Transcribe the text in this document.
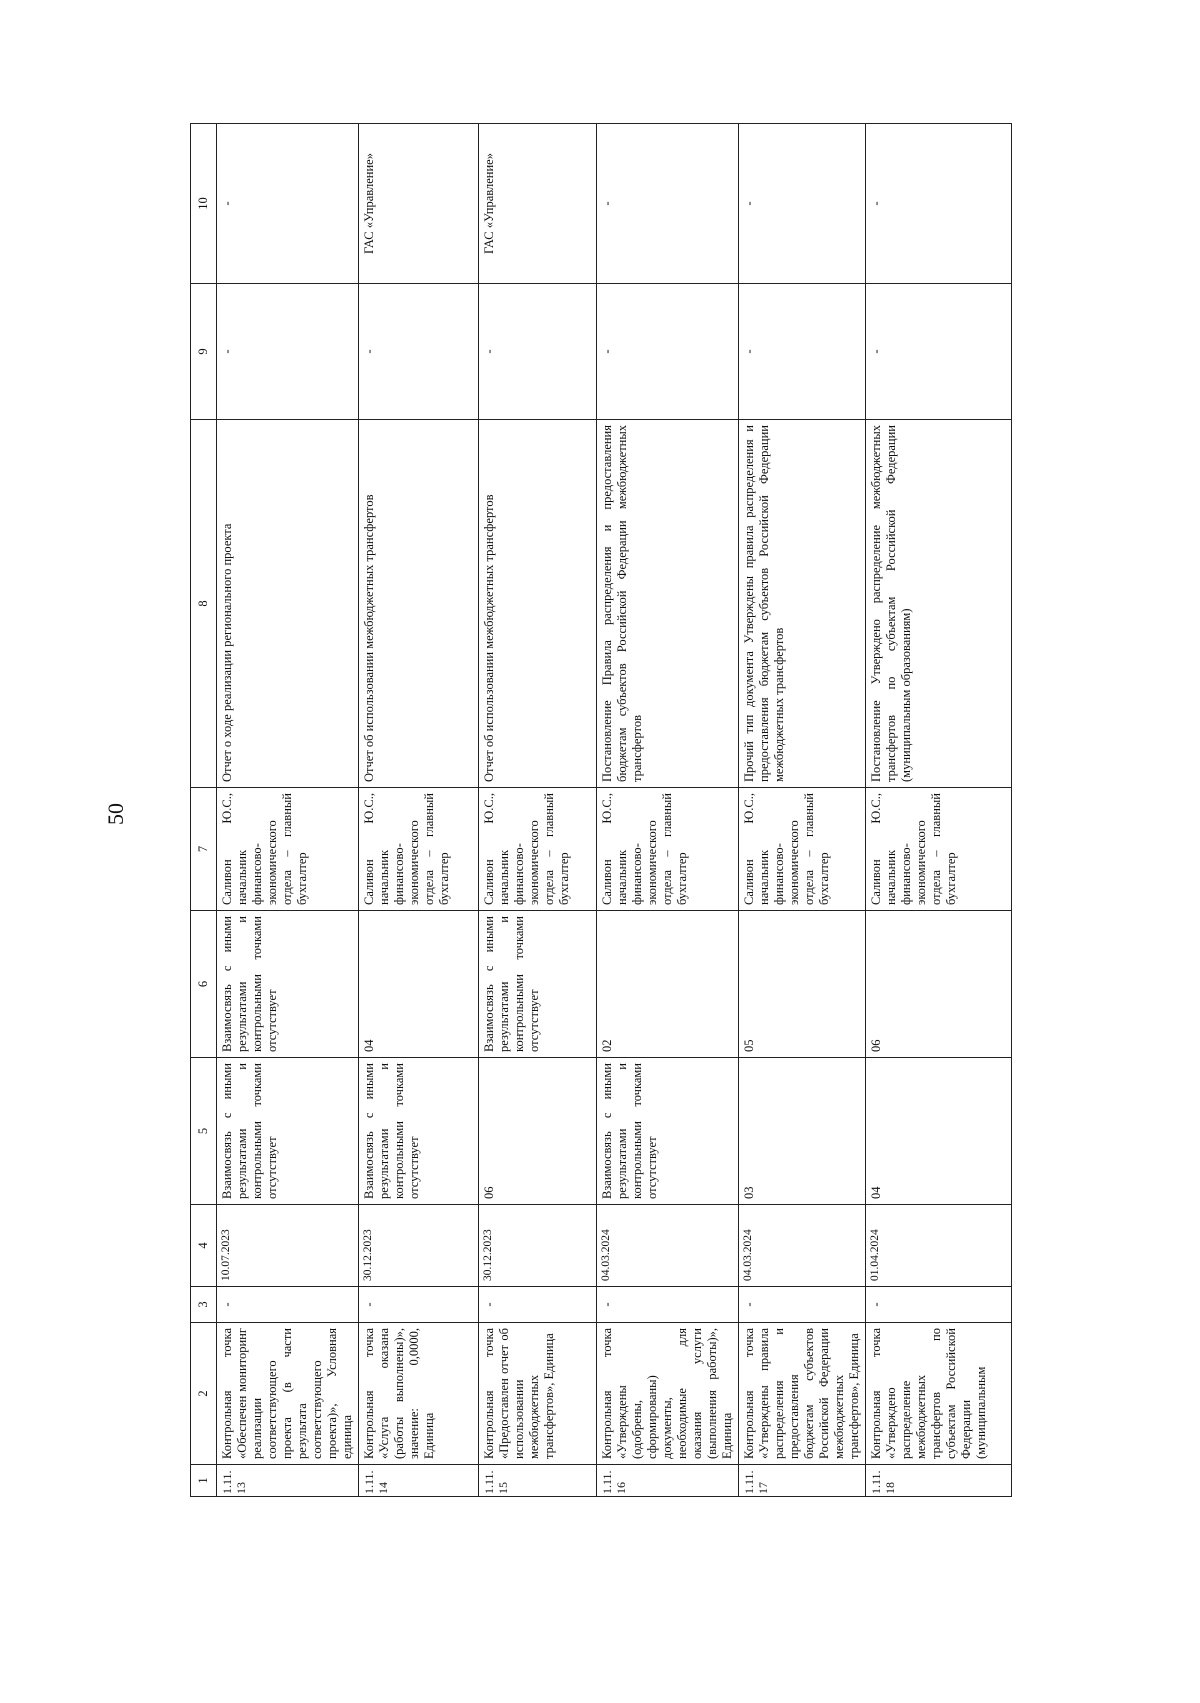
50
1	2	3	4	5	6	7	8	9	10
1.11.13	Контрольная точка «Обеспечен мониторинг реализации соответствующего проекта (в части результата соответствующего проекта)», Условная единица	-	10.07.2023	Взаимосвязь с иными результатами и контрольными точками отсутствует	Взаимосвязь с иными результатами и контрольными точками отсутствует	Саливон Ю.С., начальник финансово-экономического отдела – главный бухгалтер	Отчет о ходе реализации регионального проекта	-	-
1.11.14	Контрольная точка «Услуга оказана (работы выполнены)», значение: 0,0000, Единица	-	30.12.2023	Взаимосвязь с иными результатами и контрольными точками отсутствует	04	Саливон Ю.С., начальник финансово-экономического отдела – главный бухгалтер	Отчет об использовании межбюджетных трансфертов	-	ГАС «Управление»
1.11.15	Контрольная точка «Предоставлен отчет об использовании межбюджетных трансфертов», Единица	-	30.12.2023	06	Взаимосвязь с иными результатами и контрольными точками отсутствует	Саливон Ю.С., начальник финансово-экономического отдела – главный бухгалтер	Отчет об использовании межбюджетных трансфертов	-	ГАС «Управление»
1.11.16	Контрольная точка «Утверждены (одобрены, сформированы) документы, необходимые для оказания услуги (выполнения работы)», Единица	-	04.03.2024	Взаимосвязь с иными результатами и контрольными точками отсутствует	02	Саливон Ю.С., начальник финансово-экономического отдела – главный бухгалтер	Постановление Правила распределения и предоставления бюджетам субъектов Российской Федерации межбюджетных трансфертов	-	-
1.11.17	Контрольная точка «Утверждены правила распределения и предоставления бюджетам субъектов Российской Федерации межбюджетных трансфертов», Единица	-	04.03.2024	03	05	Саливон Ю.С., начальник финансово-экономического отдела – главный бухгалтер	Прочий тип документа Утверждены правила распределения и предоставления бюджетам субъектов Российской Федерации межбюджетных трансфертов	-	-
1.11.18	Контрольная точка «Утверждено распределение межбюджетных трансфертов по субъектам Российской Федерации (муниципальным	-	01.04.2024	04	06	Саливон Ю.С., начальник финансово-экономического отдела – главный бухгалтер	Постановление Утверждено распределение межбюджетных трансфертов по субъектам Российской Федерации (муниципальным образованиям)	-	-
